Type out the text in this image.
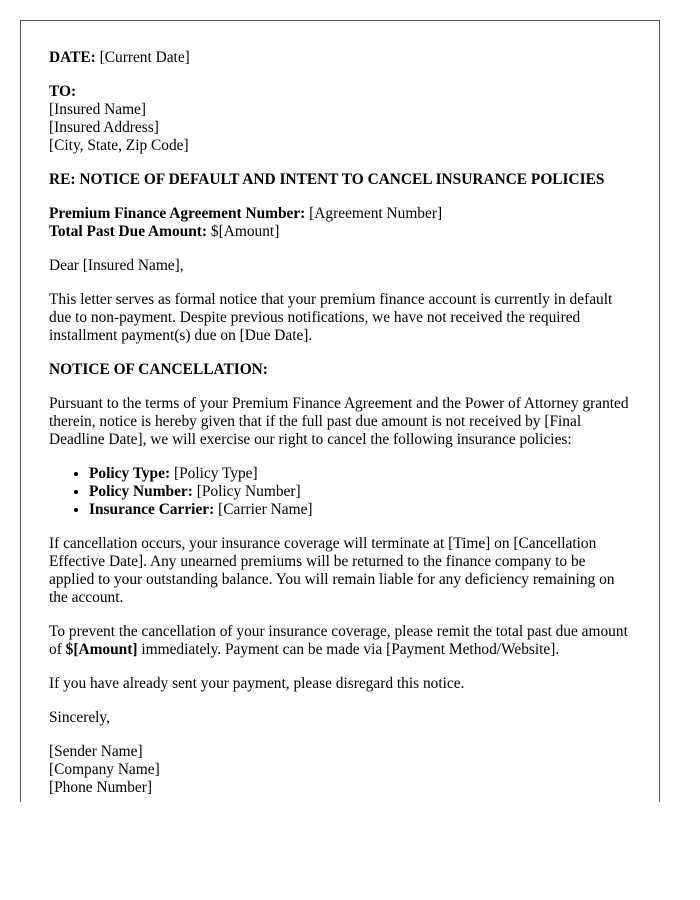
DATE: [Current Date]

TO:
[Insured Name]
[Insured Address]
[City, State, Zip Code]

RE: NOTICE OF DEFAULT AND INTENT TO CANCEL INSURANCE POLICIES

Premium Finance Agreement Number: [Agreement Number]
Total Past Due Amount: $[Amount]

Dear [Insured Name],

This letter serves as formal notice that your premium finance account is currently in default due to non-payment. Despite previous notifications, we have not received the required installment payment(s) due on [Due Date].

NOTICE OF CANCELLATION:

Pursuant to the terms of your Premium Finance Agreement and the Power of Attorney granted therein, notice is hereby given that if the full past due amount is not received by [Final Deadline Date], we will exercise our right to cancel the following insurance policies:

• Policy Type: [Policy Type]
• Policy Number: [Policy Number]
• Insurance Carrier: [Carrier Name]

If cancellation occurs, your insurance coverage will terminate at [Time] on [Cancellation Effective Date]. Any unearned premiums will be returned to the finance company to be applied to your outstanding balance. You will remain liable for any deficiency remaining on the account.

To prevent the cancellation of your insurance coverage, please remit the total past due amount of $[Amount] immediately. Payment can be made via [Payment Method/Website].

If you have already sent your payment, please disregard this notice.

Sincerely,

[Sender Name]
[Company Name]
[Phone Number]
